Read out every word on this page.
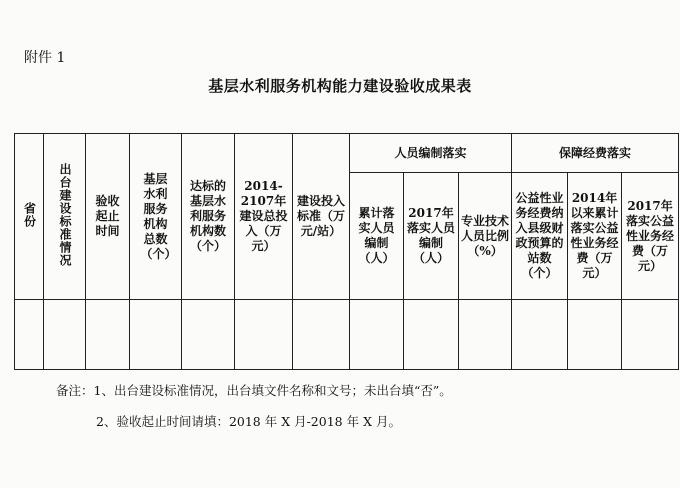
附件 1
基层水利服务机构能力建设验收成果表
省份	出台建设标准情况	验收起止时间	基层水利服务机构总数（个）	达标的基层水利服务机构数（个）	2014-2107年建设总投入（万元）	建设投入标准（万元/站）	人员编制落实			保障经费落实		
							累计落实人员编制（人）	2017年落实人员编制（人）	专业技术人员比例（%）	公益性业务经费纳入县级财政预算的站数（个）	2014年以来累计落实公益性业务经费（万元）	2017年落实公益性业务经费（万元）

备注：1、出台建设标准情况，出台填文件名称和文号；未出台填“否”。
2、验收起止时间请填：2018 年 X 月-2018 年 X 月。
